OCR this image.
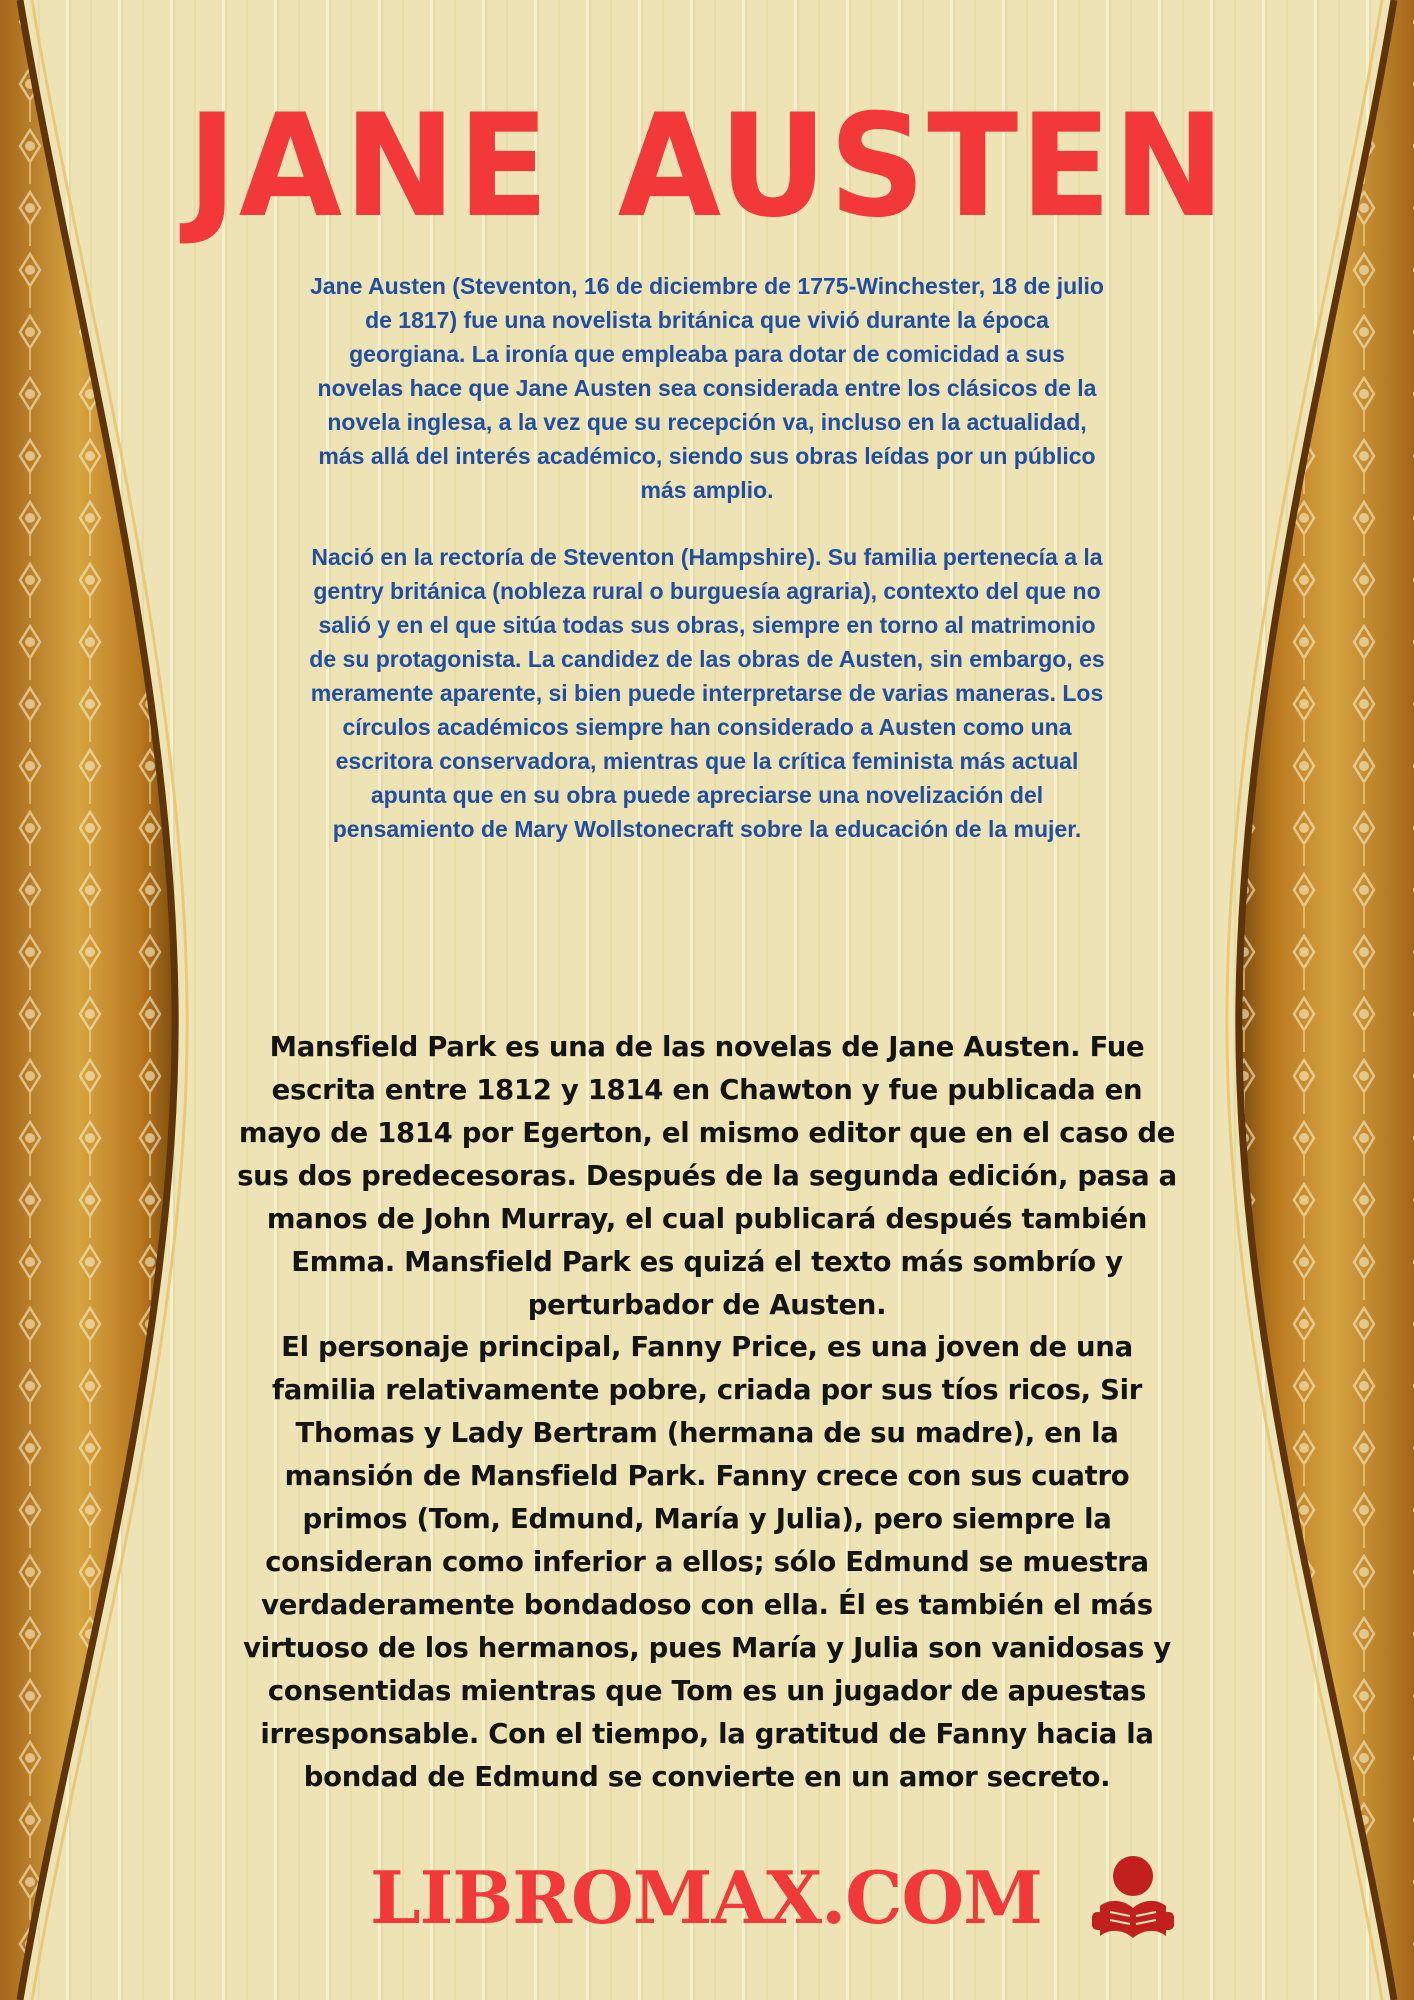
JANE AUSTEN

Jane Austen (Steventon, 16 de diciembre de 1775-Winchester, 18 de julio de 1817) fue una novelista británica que vivió durante la época georgiana. La ironía que empleaba para dotar de comicidad a sus novelas hace que Jane Austen sea considerada entre los clásicos de la novela inglesa, a la vez que su recepción va, incluso en la actualidad, más allá del interés académico, siendo sus obras leídas por un público más amplio.

Nació en la rectoría de Steventon (Hampshire). Su familia pertenecía a la gentry británica (nobleza rural o burguesía agraria), contexto del que no salió y en el que sitúa todas sus obras, siempre en torno al matrimonio de su protagonista. La candidez de las obras de Austen, sin embargo, es meramente aparente, si bien puede interpretarse de varias maneras. Los círculos académicos siempre han considerado a Austen como una escritora conservadora, mientras que la crítica feminista más actual apunta que en su obra puede apreciarse una novelización del pensamiento de Mary Wollstonecraft sobre la educación de la mujer.

Mansfield Park es una de las novelas de Jane Austen. Fue escrita entre 1812 y 1814 en Chawton y fue publicada en mayo de 1814 por Egerton, el mismo editor que en el caso de sus dos predecesoras. Después de la segunda edición, pasa a manos de John Murray, el cual publicará después también Emma. Mansfield Park es quizá el texto más sombrío y perturbador de Austen.

El personaje principal, Fanny Price, es una joven de una familia relativamente pobre, criada por sus tíos ricos, Sir Thomas y Lady Bertram (hermana de su madre), en la mansión de Mansfield Park. Fanny crece con sus cuatro primos (Tom, Edmund, María y Julia), pero siempre la consideran como inferior a ellos; sólo Edmund se muestra verdaderamente bondadoso con ella. Él es también el más virtuoso de los hermanos, pues María y Julia son vanidosas y consentidas mientras que Tom es un jugador de apuestas irresponsable. Con el tiempo, la gratitud de Fanny hacia la bondad de Edmund se convierte en un amor secreto.

LIBROMAX.COM
